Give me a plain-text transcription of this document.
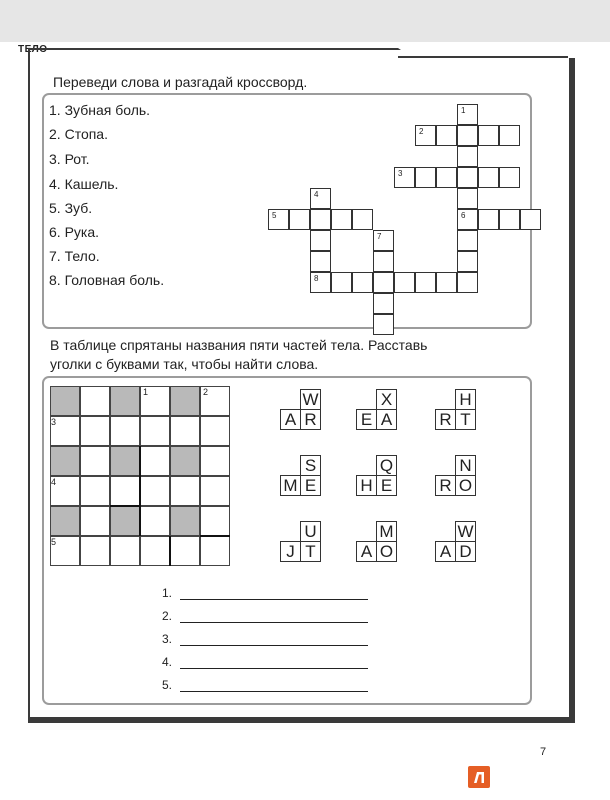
ТЕЛО
Переведи слова и разгадай кроссворд.
1. Зубная боль.
2. Стопа.
3. Рот.
4. Кашель.
5. Зуб.
6. Рука.
7. Тело.
8. Головная боль.
1
2
3
4
5	6
7
8
В таблице спрятаны названия пяти частей тела. Расставь
уголки с буквами так, чтобы найти слова.
1	2
3
4
5
W
A R
X
E A
H
R T
S
M E
Q
H E
N
R O
U
J T
M
A O
W
A D
1.
2.
3.
4.
5.
7
